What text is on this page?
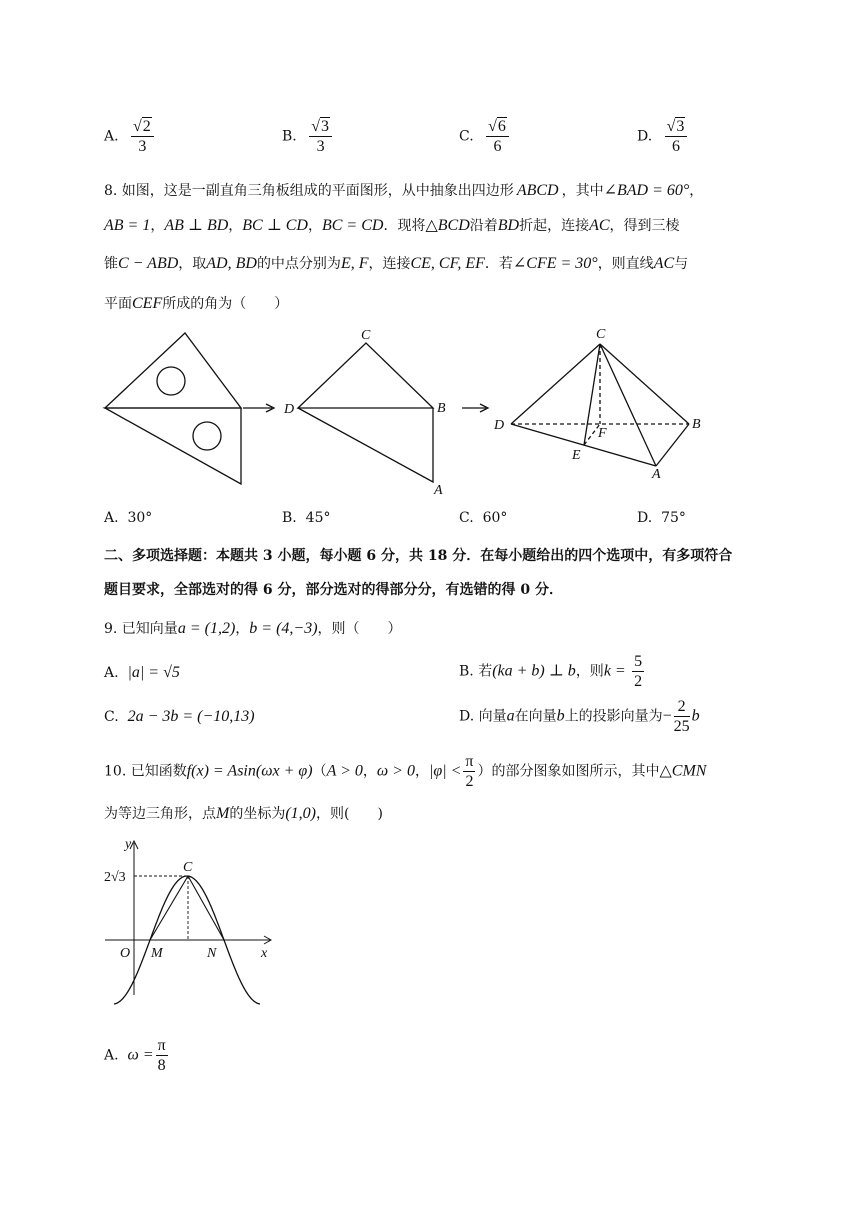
A. $\frac{√2}{3}$	B. $\frac{√3}{3}$	C. $\frac{√6}{6}$	D. $\frac{√3}{6}$
8. 如图，这是一副直角三角板组成的平面图形，从中抽象出四边形 ABCD ，其中∠BAD = 60°，
AB = 1，AB ⊥ BD，BC ⊥ CD，BC = CD．现将△BCD沿着BD折起，连接AC，得到三棱
锥C − ABD，取AD, BD的中点分别为E, F，连接CE, CF, EF．若∠CFE = 30°，则直线AC与
平面CEF所成的角为（　　）
C
D	B
A
C
D	B
A
E
F
A. 30°	B. 45°	C. 60°	D. 75°
二、多项选择题：本题共 3 小题，每小题 6 分，共 18 分．在每小题给出的四个选项中，有多项符合
题目要求，全部选对的得 6 分，部分选对的得部分分，有选错的得 0 分．
9. 已知向量a = (1,2)，b = (4,−3)，则（　　）
A. |a| = √5	B. 若(ka + b) ⊥ b，则$k = \frac{5}{2}$
C. 2a − 3b = (−10,13)	D. 向量a在向量b上的投影向量为− $\frac{2}{25}$ b
10. 已知函数f(x) = Asin(ωx + φ)（A > 0，ω > 0，$|\varphi| < \frac{\pi}{2}$ ）的部分图象如图所示，其中△CMN
为等边三角形，点M的坐标为(1,0)，则(　　)
y
2√3
C
O M	N	x
A. $\omega = \frac{\pi}{8}$
